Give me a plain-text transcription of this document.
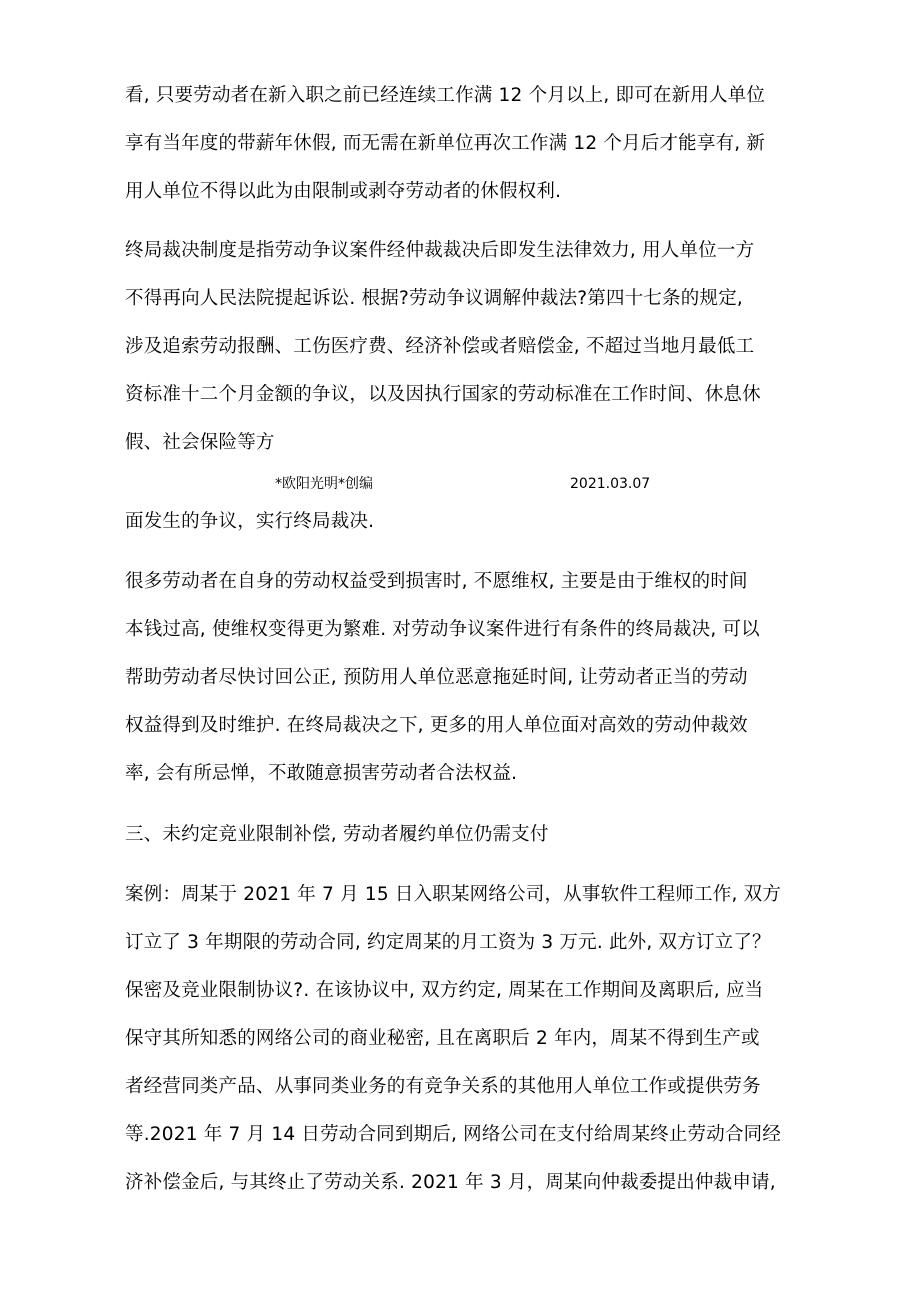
看, 只要劳动者在新入职之前已经连续工作满 12 个月以上, 即可在新用人单位
享有当年度的带薪年休假, 而无需在新单位再次工作满 12 个月后才能享有, 新
用人单位不得以此为由限制或剥夺劳动者的休假权利.
终局裁决制度是指劳动争议案件经仲裁裁决后即发生法律效力, 用人单位一方
不得再向人民法院提起诉讼. 根据?劳动争议调解仲裁法?第四十七条的规定,
涉及追索劳动报酬、工伤医疗费、经济补偿或者赔偿金, 不超过当地月最低工
资标准十二个月金额的争议，以及因执行国家的劳动标准在工作时间、休息休
假、社会保险等方
*欧阳光明*创编	2021.03.07
面发生的争议，实行终局裁决.
很多劳动者在自身的劳动权益受到损害时, 不愿维权, 主要是由于维权的时间
本钱过高, 使维权变得更为繁难. 对劳动争议案件进行有条件的终局裁决, 可以
帮助劳动者尽快讨回公正, 预防用人单位恶意拖延时间, 让劳动者正当的劳动
权益得到及时维护. 在终局裁决之下, 更多的用人单位面对高效的劳动仲裁效
率, 会有所忌惮，不敢随意损害劳动者合法权益.
三、未约定竞业限制补偿, 劳动者履约单位仍需支付
案例：周某于 2021 年 7 月 15 日入职某网络公司，从事软件工程师工作, 双方
订立了 3 年期限的劳动合同, 约定周某的月工资为 3 万元. 此外, 双方订立了？
保密及竞业限制协议?. 在该协议中, 双方约定, 周某在工作期间及离职后, 应当
保守其所知悉的网络公司的商业秘密, 且在离职后 2 年内，周某不得到生产或
者经营同类产品、从事同类业务的有竞争关系的其他用人单位工作或提供劳务
等.2021 年 7 月 14 日劳动合同到期后, 网络公司在支付给周某终止劳动合同经
济补偿金后, 与其终止了劳动关系. 2021 年 3 月，周某向仲裁委提出仲裁申请,
